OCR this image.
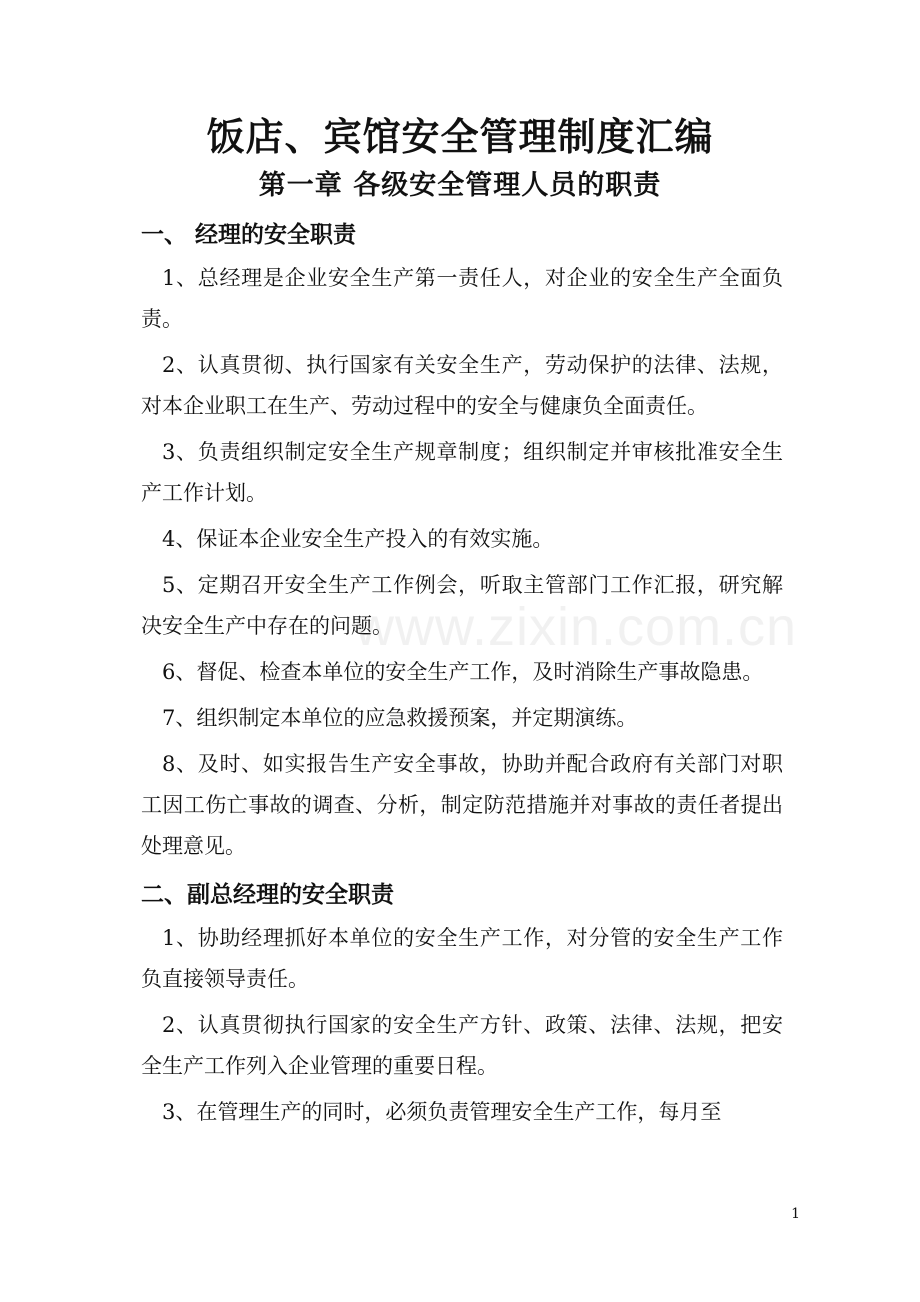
饭店、宾馆安全管理制度汇编
第一章 各级安全管理人员的职责
一、 经理的安全职责

1、总经理是企业安全生产第一责任人，对企业的安全生产全面负责。

2、认真贯彻、执行国家有关安全生产，劳动保护的法律、法规，对本企业职工在生产、劳动过程中的安全与健康负全面责任。

3、负责组织制定安全生产规章制度；组织制定并审核批准安全生产工作计划。

4、保证本企业安全生产投入的有效实施。

5、定期召开安全生产工作例会，听取主管部门工作汇报，研究解决安全生产中存在的问题。

6、督促、检查本单位的安全生产工作，及时消除生产事故隐患。

7、组织制定本单位的应急救援预案，并定期演练。

8、及时、如实报告生产安全事故，协助并配合政府有关部门对职工因工伤亡事故的调查、分析，制定防范措施并对事故的责任者提出处理意见。

二、副总经理的安全职责

1、协助经理抓好本单位的安全生产工作，对分管的安全生产工作负直接领导责任。

2、认真贯彻执行国家的安全生产方针、政策、法律、法规，把安全生产工作列入企业管理的重要日程。

3、在管理生产的同时，必须负责管理安全生产工作，每月至

www.zixin.com.cn
1
